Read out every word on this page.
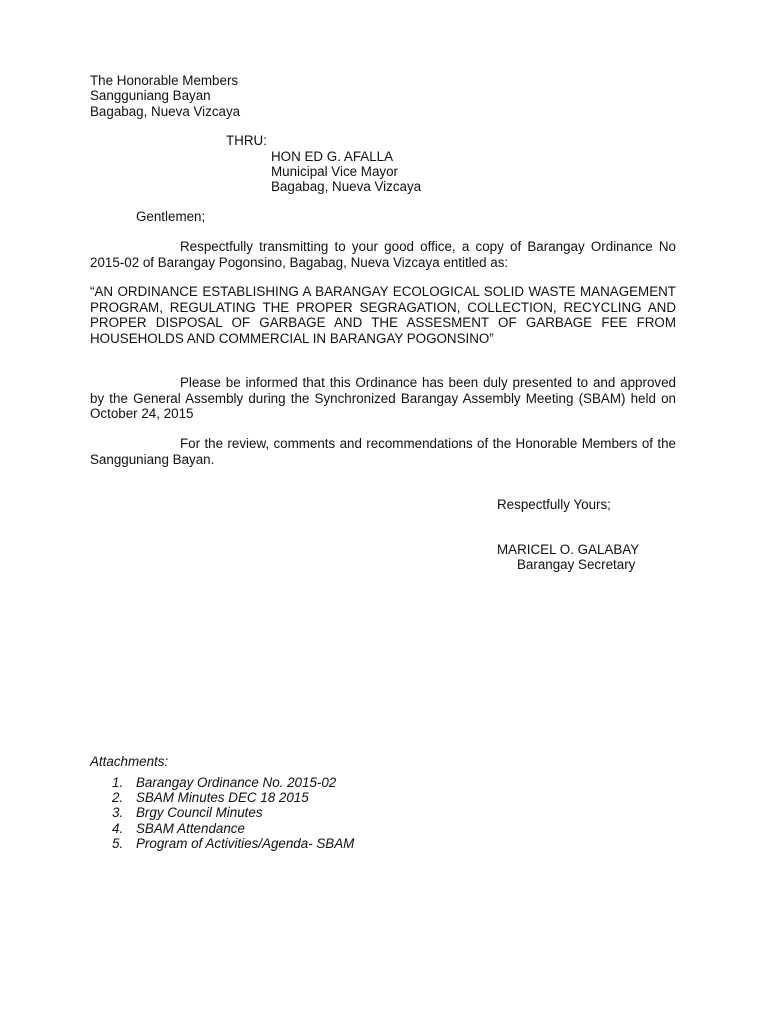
The Honorable Members
Sangguniang Bayan
Bagabag, Nueva Vizcaya
THRU:
HON ED G. AFALLA
Municipal Vice Mayor
Bagabag, Nueva Vizcaya
Gentlemen;
Respectfully transmitting to your good office, a copy of Barangay Ordinance No 2015-02 of Barangay Pogonsino, Bagabag, Nueva Vizcaya entitled as:
“AN ORDINANCE ESTABLISHING A BARANGAY ECOLOGICAL SOLID WASTE MANAGEMENT PROGRAM, REGULATING THE PROPER SEGRAGATION, COLLECTION, RECYCLING AND PROPER DISPOSAL OF GARBAGE AND THE ASSESMENT OF GARBAGE FEE FROM HOUSEHOLDS AND COMMERCIAL IN BARANGAY POGONSINO”
Please be informed that this Ordinance has been duly presented to and approved by the General Assembly during the Synchronized Barangay Assembly Meeting (SBAM) held on October 24, 2015
For the review, comments and recommendations of the Honorable Members of the Sangguniang Bayan.
Respectfully Yours;
MARICEL O. GALABAY
Barangay Secretary
Attachments:
1. Barangay Ordinance No. 2015-02
2. SBAM Minutes DEC 18 2015
3. Brgy Council Minutes
4. SBAM Attendance
5. Program of Activities/Agenda- SBAM
